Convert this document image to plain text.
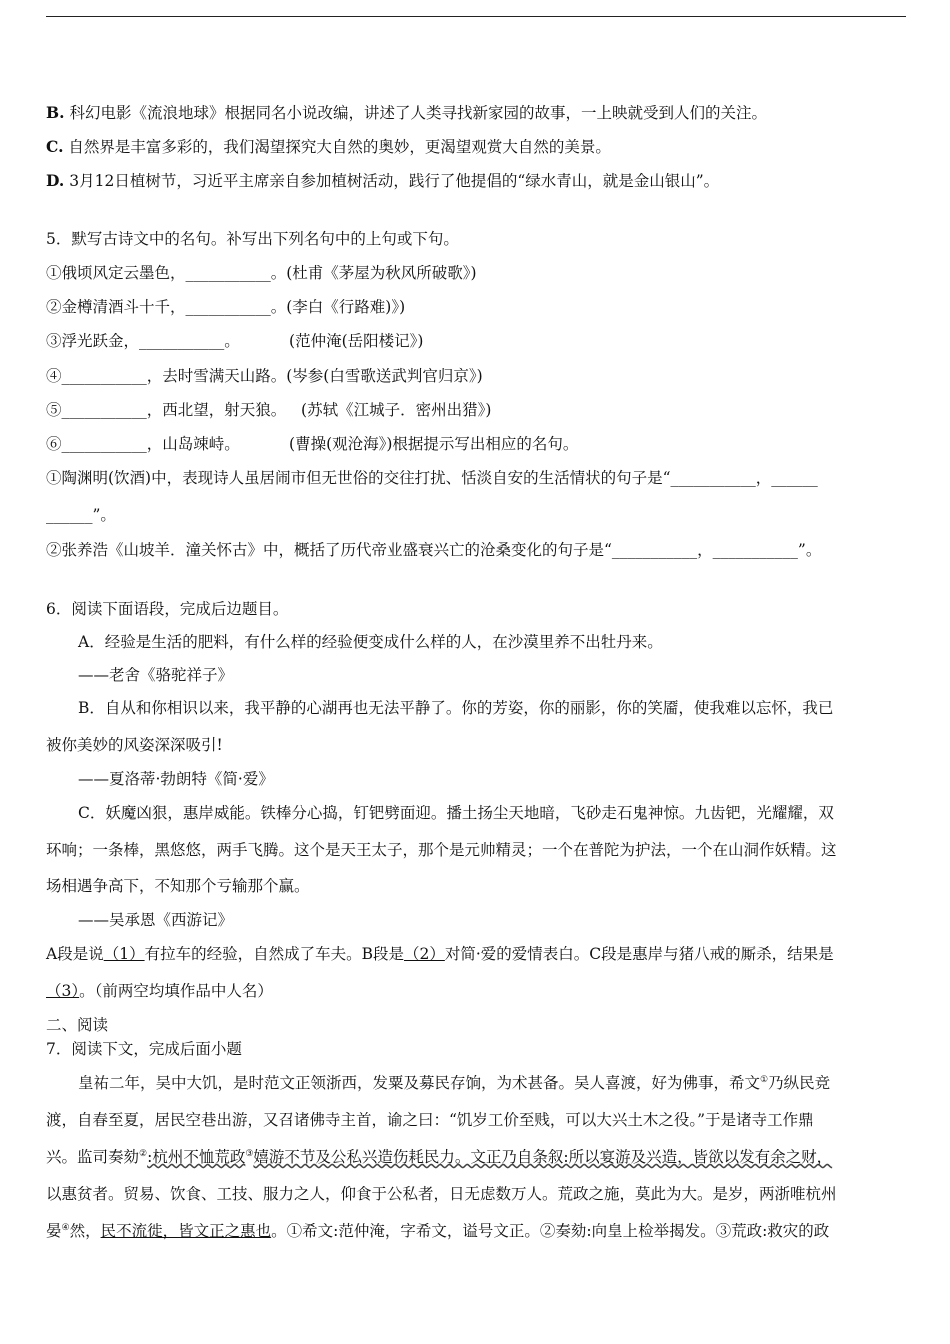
B. 科幻电影《流浪地球》根据同名小说改编，讲述了人类寻找新家园的故事，一上映就受到人们的关注。
C. 自然界是丰富多彩的，我们渴望探究大自然的奥妙，更渴望观赏大自然的美景。
D. 3月12日植树节，习近平主席亲自参加植树活动，践行了他提倡的“绿水青山，就是金山银山”。
5．默写古诗文中的名句。补写出下列名句中的上句或下句。
①俄顷风定云墨色，___________。(杜甫《茅屋为秋风所破歌》)
②金樽清酒斗十千，___________。(李白《行路难)》)
③浮光跃金，___________。          (范仲淹(岳阳楼记》)
④___________，去时雪满天山路。(岑参(白雪歌送武判官归京》)
⑤___________，西北望，射天狼。   (苏轼《江城子．密州出猎》)
⑥___________，山岛竦峙。          (曹操(观沧海》)根据提示写出相应的名句。
①陶渊明(饮酒)中，表现诗人虽居闹市但无世俗的交往打扰、恬淡自安的生活情状的句子是“___________，______
______”。
②张养浩《山坡羊．潼关怀古》中，概括了历代帝业盛衰兴亡的沧桑变化的句子是“___________，___________”。
6．阅读下面语段，完成后边题目。
A．经验是生活的肥料，有什么样的经验便变成什么样的人，在沙漠里养不出牡丹来。
——老舍《骆驼祥子》
B．自从和你相识以来，我平静的心湖再也无法平静了。你的芳姿，你的丽影，你的笑靥，使我难以忘怀，我已
被你美妙的风姿深深吸引!
——夏洛蒂·勃朗特《简·爱》
C．妖魔凶狠，惠岸威能。铁棒分心捣，钉钯劈面迎。播土扬尘天地暗，飞砂走石鬼神惊。九齿钯，光耀耀，双
环响；一条棒，黑悠悠，两手飞腾。这个是天王太子，那个是元帅精灵；一个在普陀为护法，一个在山洞作妖精。这
场相遇争高下，不知那个亏输那个赢。
——吴承恩《西游记》
A段是说（1）有拉车的经验，自然成了车夫。B段是（2）对简·爱的爱情表白。C段是惠岸与猪八戒的厮杀，结果是
（3）。（前两空均填作品中人名）
二、阅读
7．阅读下文，完成后面小题
皇祐二年，吴中大饥，是时范文正领浙西，发粟及募民存饷，为术甚备。吴人喜渡，好为佛事，希文①乃纵民竞
渡，自春至夏，居民空巷出游，又召诸佛寺主首，谕之曰：“饥岁工价至贱，可以大兴土木之役。”于是诸寺工作鼎
兴。监司奏劾②:杭州不恤荒政③嬉游不节及公私兴造伤耗民力。文正乃自条叙:所以宴游及兴造，皆欲以发有余之财，
以惠贫者。贸易、饮食、工技、服力之人，仰食于公私者，日无虑数万人。荒政之施，莫此为大。是岁，两浙唯杭州
晏④然，民不流徙，皆文正之惠也。①希文:范仲淹，字希文，谥号文正。②奏劾:向皇上检举揭发。③荒政:救灾的政
